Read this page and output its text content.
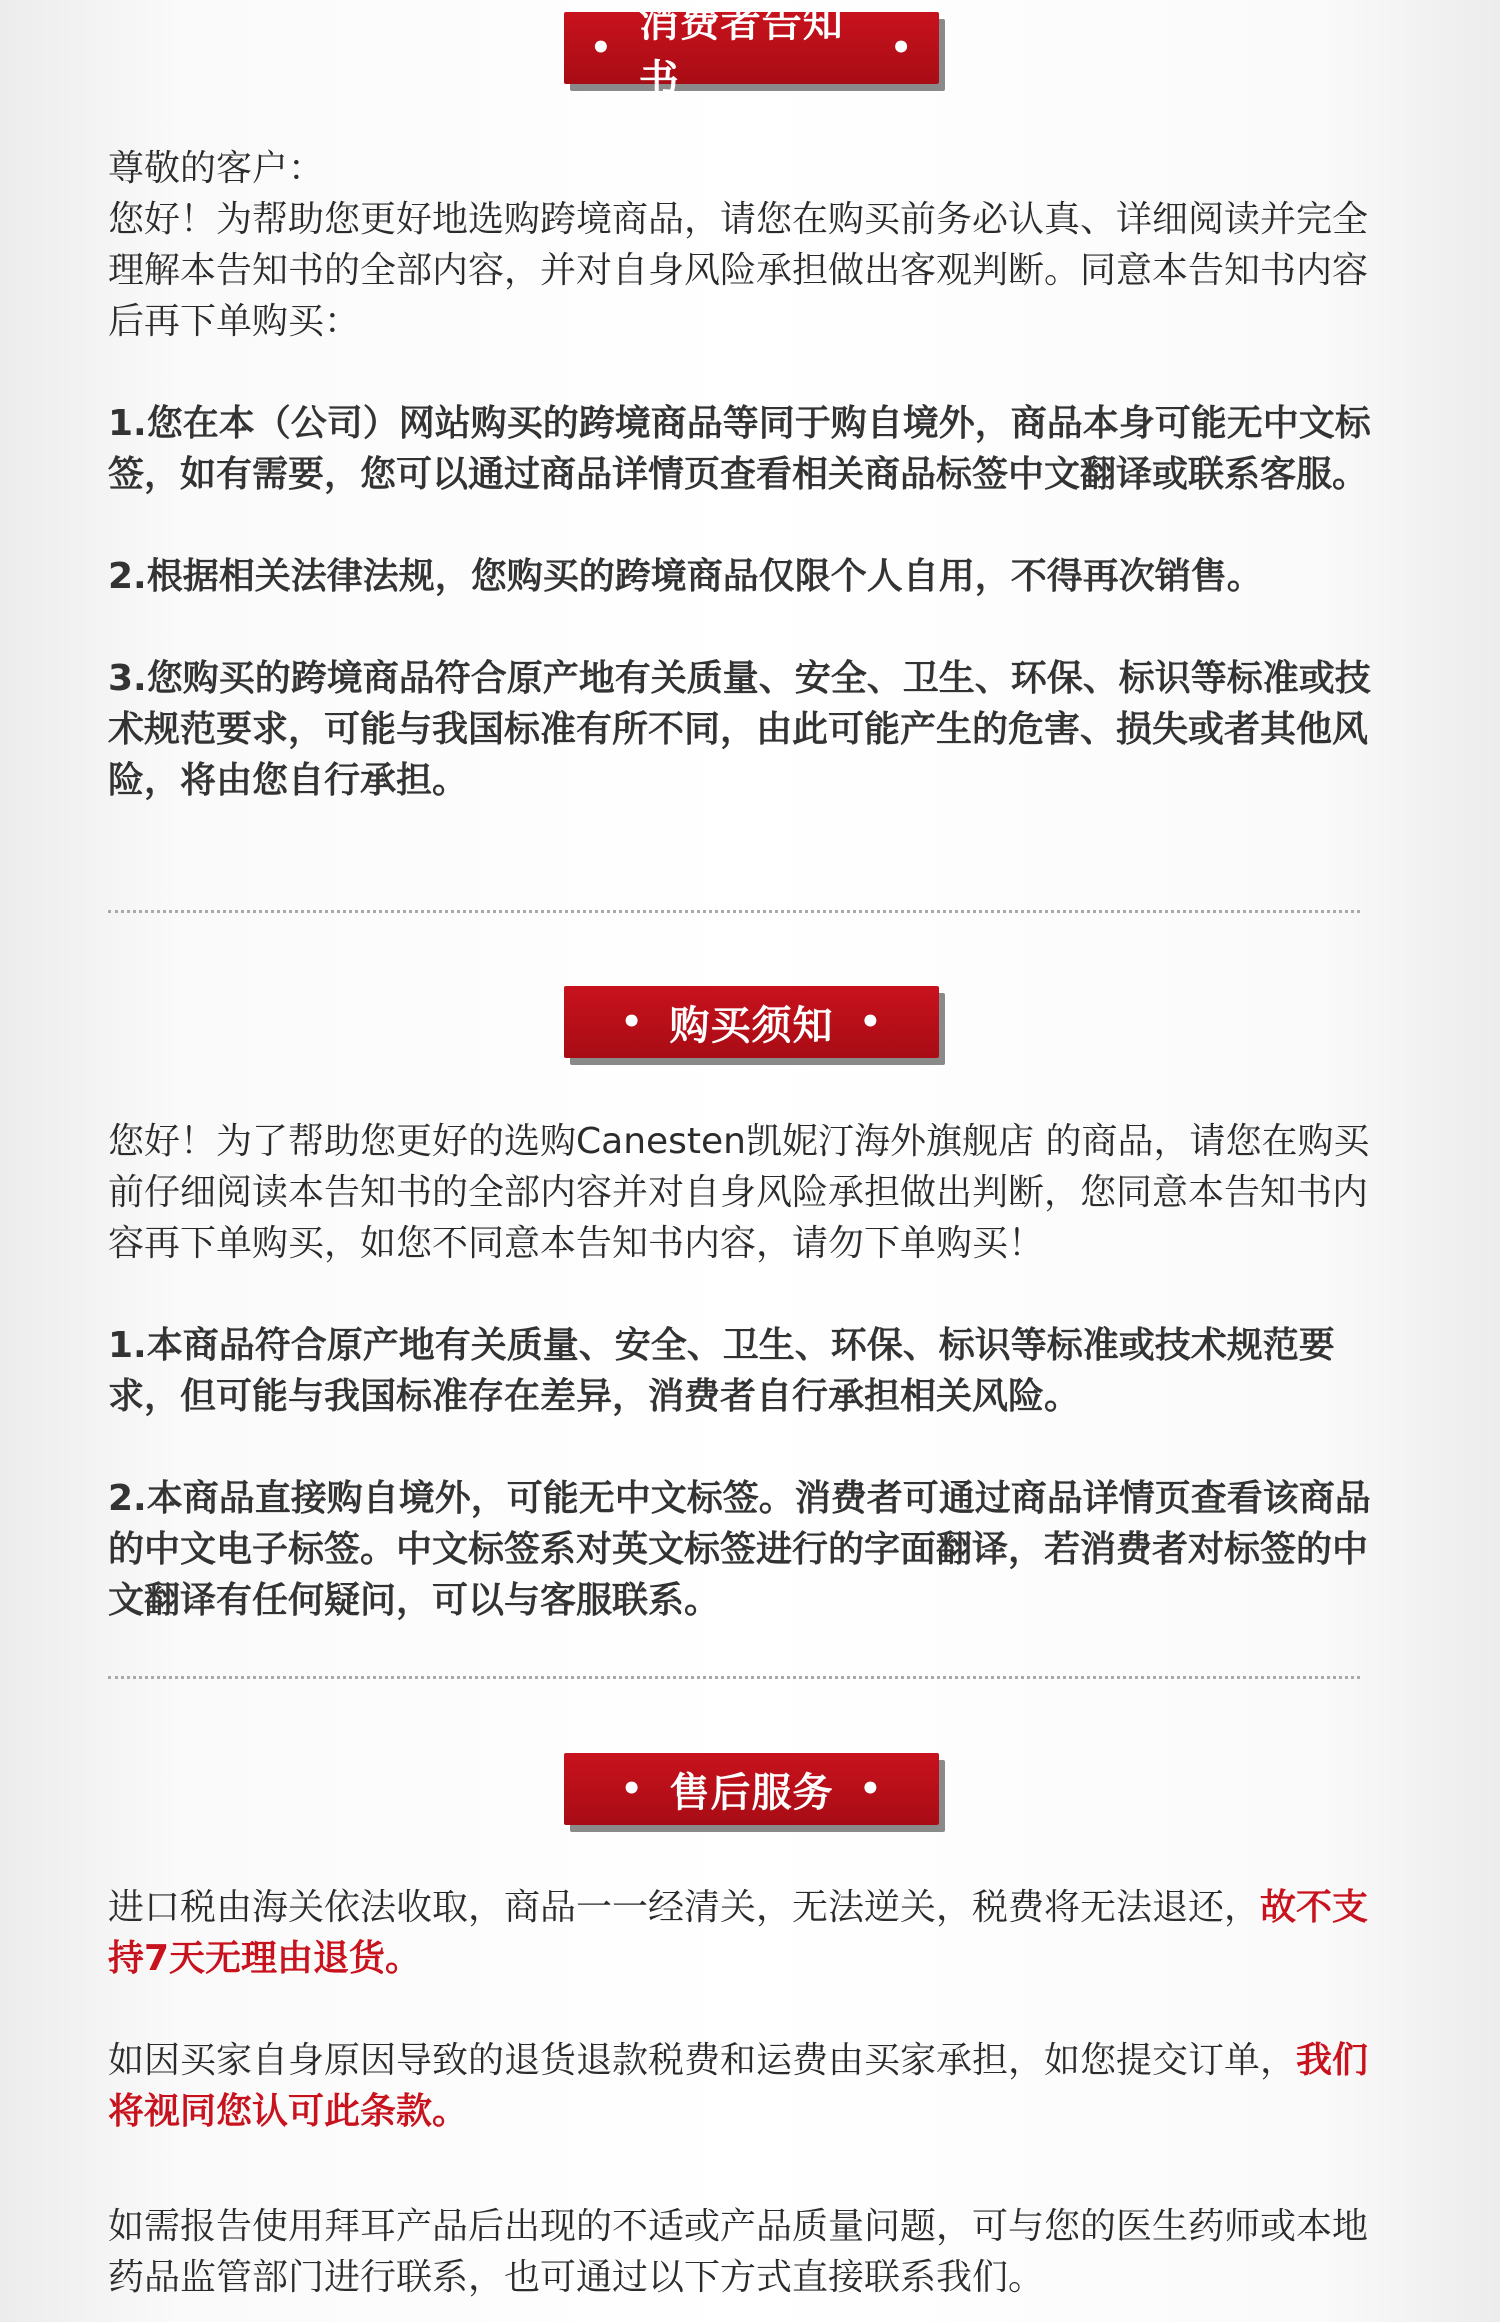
•
消费者告知书
•

尊敬的客户：

您好！为帮助您更好地选购跨境商品，请您在购买前务必认真、详细阅读并完全理解本告知书的全部内容，并对自身风险承担做出客观判断。同意本告知书内容后再下单购买：

1.您在本（公司）网站购买的跨境商品等同于购自境外，商品本身可能无中文标签，如有需要，您可以通过商品详情页查看相关商品标签中文翻译或联系客服。

2.根据相关法律法规，您购买的跨境商品仅限个人自用，不得再次销售。

3.您购买的跨境商品符合原产地有关质量、安全、卫生、环保、标识等标准或技术规范要求，可能与我国标准有所不同，由此可能产生的危害、损失或者其他风险，将由您自行承担。

• 购买须知 •

您好！为了帮助您更好的选购Canesten凯妮汀海外旗舰店 的商品，请您在购买前仔细阅读本告知书的全部内容并对自身风险承担做出判断，您同意本告知书内容再下单购买，如您不同意本告知书内容，请勿下单购买！

1.本商品符合原产地有关质量、安全、卫生、环保、标识等标准或技术规范要求，但可能与我国标准存在差异，消费者自行承担相关风险。

2.本商品直接购自境外，可能无中文标签。消费者可通过商品详情页查看该商品的中文电子标签。中文标签系对英文标签进行的字面翻译，若消费者对标签的中文翻译有任何疑问，可以与客服联系。

• 售后服务 •

进口税由海关依法收取，商品一一经清关，无法逆关，税费将无法退还，故不支持7天无理由退货。

如因买家自身原因导致的退货退款税费和运费由买家承担，如您提交订单，我们将视同您认可此条款。

如需报告使用拜耳产品后出现的不适或产品质量问题，可与您的医生药师或本地药品监管部门进行联系，也可通过以下方式直接联系我们。
